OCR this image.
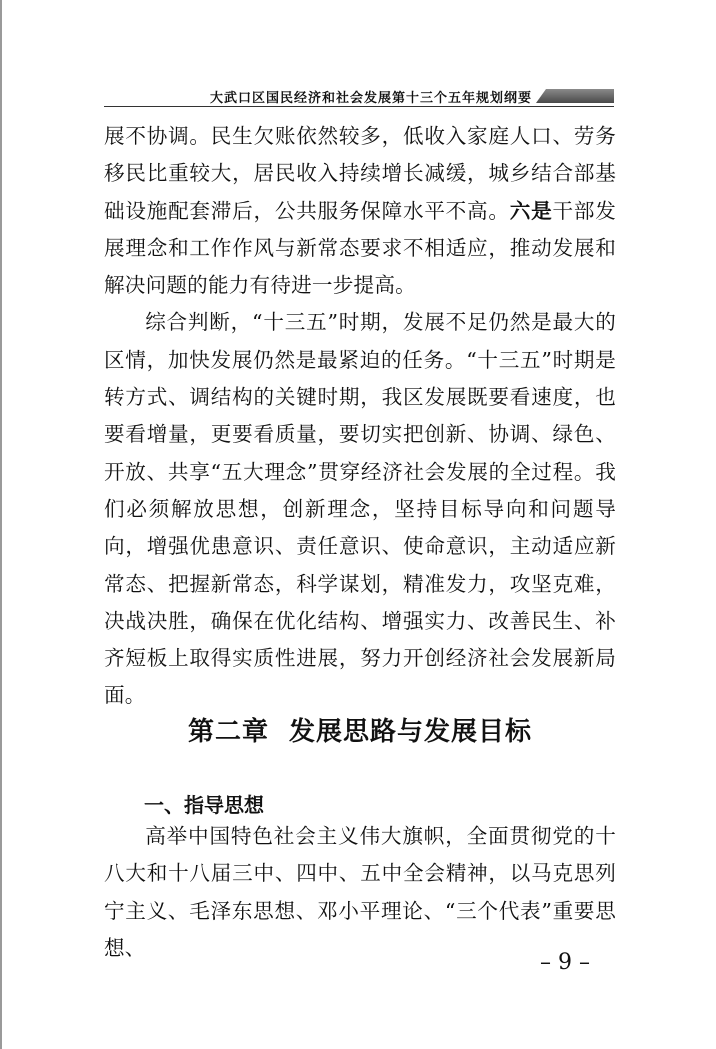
大武口区国民经济和社会发展第十三个五年规划纲要

展不协调。民生欠账依然较多，低收入家庭人口、劳务移民比重较大，居民收入持续增长减缓，城乡结合部基础设施配套滞后，公共服务保障水平不高。六是干部发展理念和工作作风与新常态要求不相适应，推动发展和解决问题的能力有待进一步提高。

综合判断，“十三五”时期，发展不足仍然是最大的区情，加快发展仍然是最紧迫的任务。“十三五”时期是转方式、调结构的关键时期，我区发展既要看速度，也要看增量，更要看质量，要切实把创新、协调、绿色、开放、共享“五大理念”贯穿经济社会发展的全过程。我们必须解放思想，创新理念，坚持目标导向和问题导向，增强优患意识、责任意识、使命意识，主动适应新常态、把握新常态，科学谋划，精准发力，攻坚克难，决战决胜，确保在优化结构、增强实力、改善民生、补齐短板上取得实质性进展，努力开创经济社会发展新局面。

第二章  发展思路与发展目标
一、指导思想

高举中国特色社会主义伟大旗帜，全面贯彻党的十八大和十八届三中、四中、五中全会精神，以马克思列宁主义、毛泽东思想、邓小平理论、“三个代表”重要思想、

– 9 –
